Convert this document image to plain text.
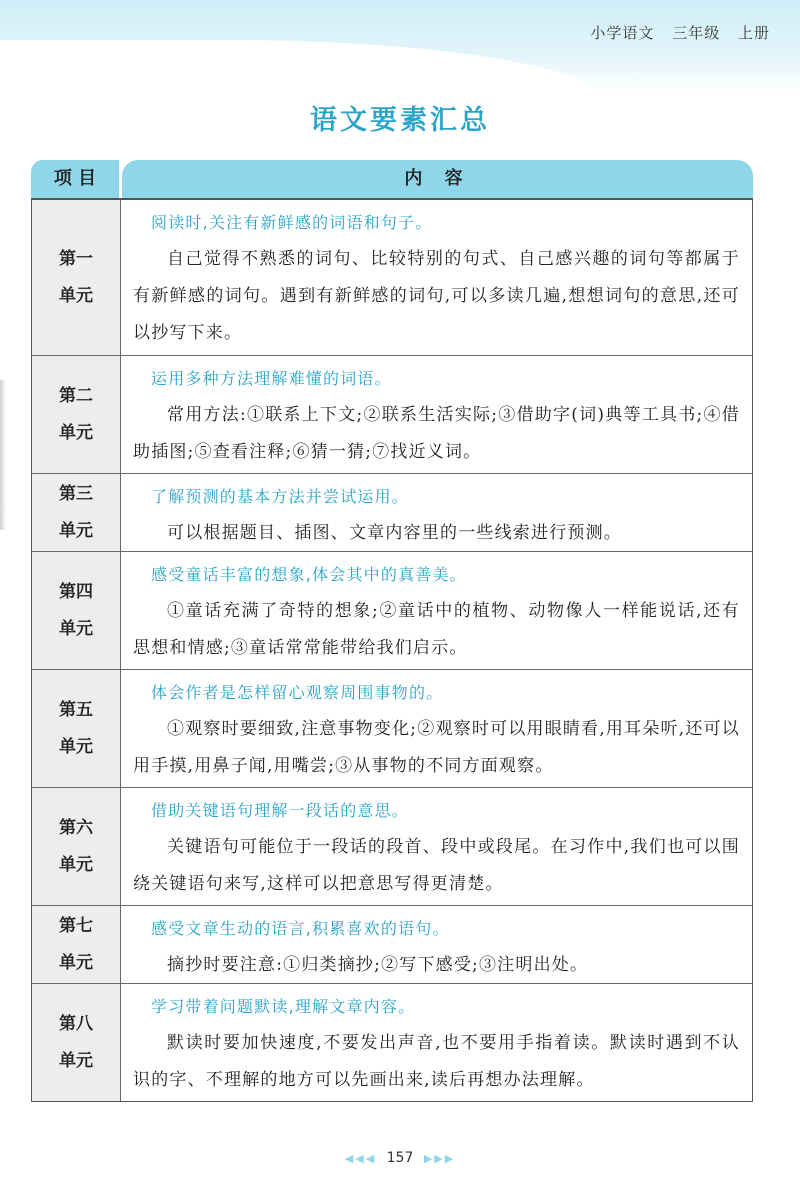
小学语文 三年级 上册
语文要素汇总
项 目	内 容
第一
单元
阅读时,关注有新鲜感的词语和句子。
自己觉得不熟悉的词句、比较特别的句式、自己感兴趣的词句等都属于有新鲜感的词句。遇到有新鲜感的词句,可以多读几遍,想想词句的意思,还可以抄写下来。
第二
单元
运用多种方法理解难懂的词语。
常用方法:①联系上下文;②联系生活实际;③借助字(词)典等工具书;④借助插图;⑤查看注释;⑥猜一猜;⑦找近义词。
第三
单元
了解预测的基本方法并尝试运用。
可以根据题目、插图、文章内容里的一些线索进行预测。
第四
单元
感受童话丰富的想象,体会其中的真善美。
①童话充满了奇特的想象;②童话中的植物、动物像人一样能说话,还有思想和情感;③童话常常能带给我们启示。
第五
单元
体会作者是怎样留心观察周围事物的。
①观察时要细致,注意事物变化;②观察时可以用眼睛看,用耳朵听,还可以用手摸,用鼻子闻,用嘴尝;③从事物的不同方面观察。
第六
单元
借助关键语句理解一段话的意思。
关键语句可能位于一段话的段首、段中或段尾。在习作中,我们也可以围绕关键语句来写,这样可以把意思写得更清楚。
第七
单元
感受文章生动的语言,积累喜欢的语句。
摘抄时要注意:①归类摘抄;②写下感受;③注明出处。
第八
单元
学习带着问题默读,理解文章内容。
默读时要加快速度,不要发出声音,也不要用手指着读。默读时遇到不认识的字、不理解的地方可以先画出来,读后再想办法理解。
◀◀◀ 157 ▶▶▶
